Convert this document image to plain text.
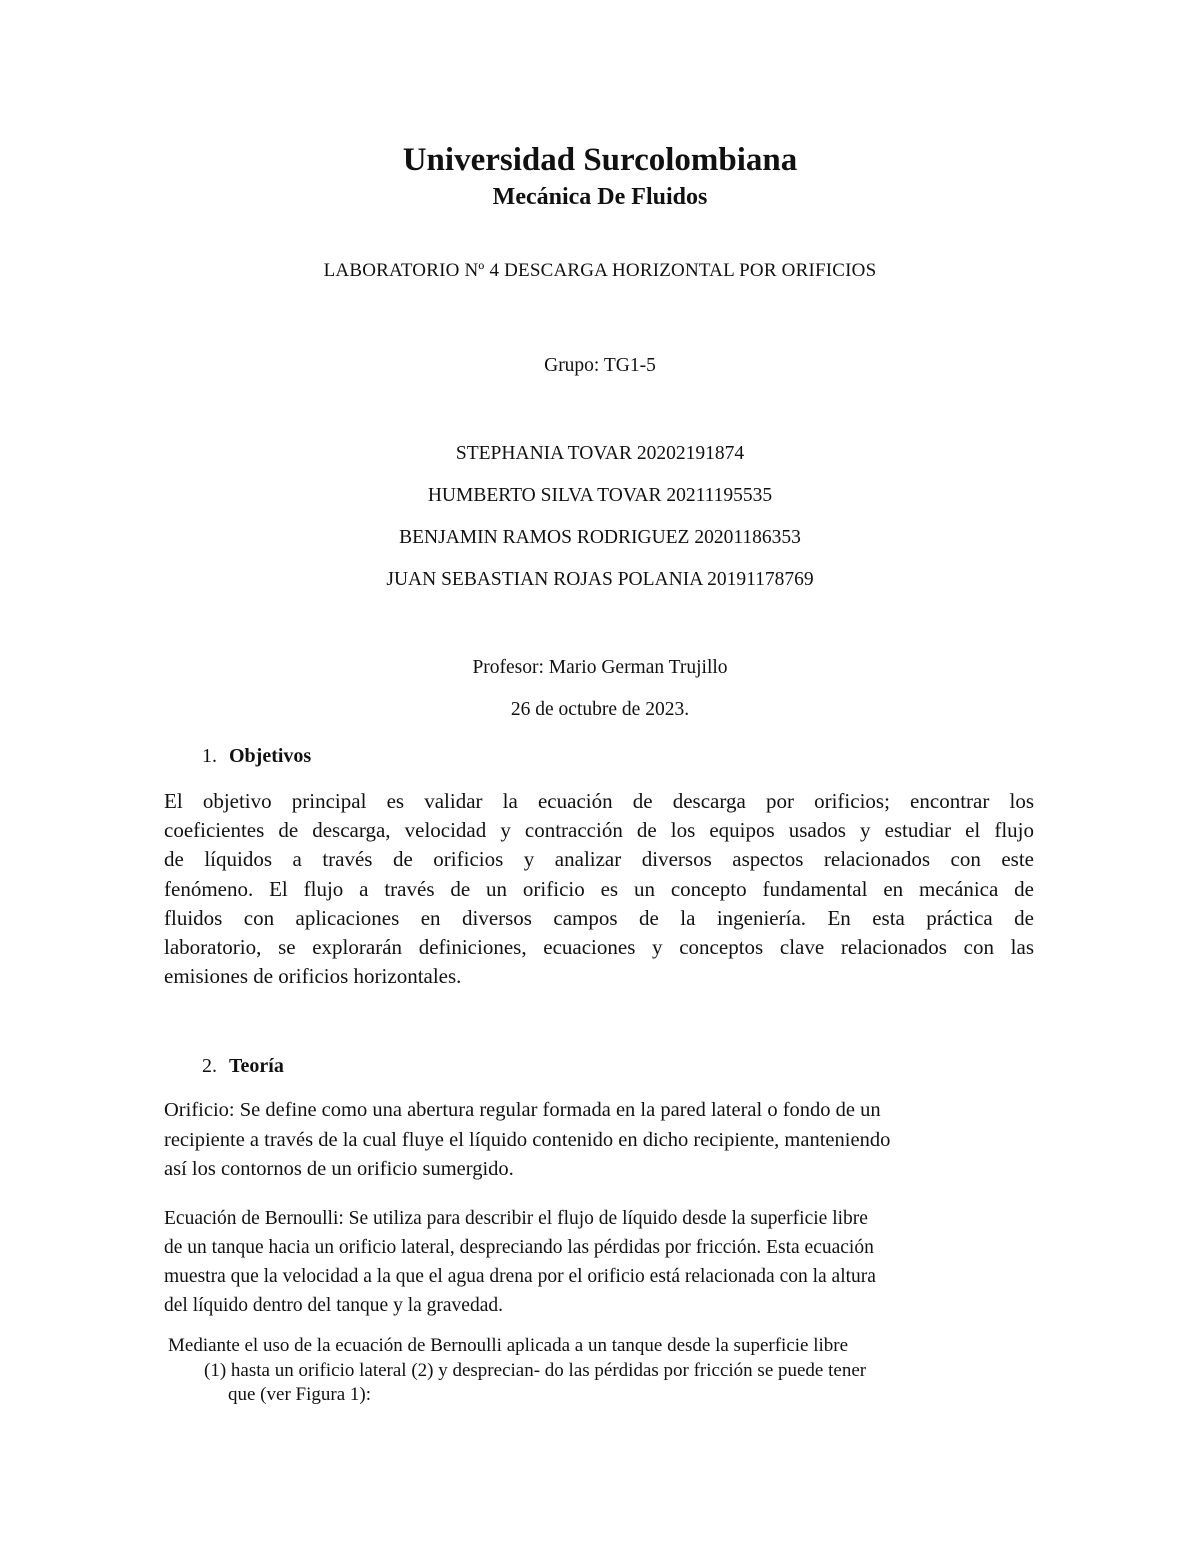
Universidad Surcolombiana
Mecánica De Fluidos
LABORATORIO Nº 4 DESCARGA HORIZONTAL POR ORIFICIOS
Grupo: TG1-5
STEPHANIA TOVAR 20202191874
HUMBERTO SILVA TOVAR 20211195535
BENJAMIN RAMOS RODRIGUEZ 20201186353
JUAN SEBASTIAN ROJAS POLANIA 20191178769
Profesor: Mario German Trujillo
26 de octubre de 2023.
1. Objetivos
El objetivo principal es validar la ecuación de descarga por orificios; encontrar los
coeficientes de descarga, velocidad y contracción de los equipos usados y estudiar el flujo
de líquidos a través de orificios y analizar diversos aspectos relacionados con este
fenómeno. El flujo a través de un orificio es un concepto fundamental en mecánica de
fluidos con aplicaciones en diversos campos de la ingeniería. En esta práctica de
laboratorio, se explorarán definiciones, ecuaciones y conceptos clave relacionados con las
emisiones de orificios horizontales.
2. Teoría
Orificio: Se define como una abertura regular formada en la pared lateral o fondo de un
recipiente a través de la cual fluye el líquido contenido en dicho recipiente, manteniendo
así los contornos de un orificio sumergido.
Ecuación de Bernoulli: Se utiliza para describir el flujo de líquido desde la superficie libre
de un tanque hacia un orificio lateral, despreciando las pérdidas por fricción. Esta ecuación
muestra que la velocidad a la que el agua drena por el orificio está relacionada con la altura
del líquido dentro del tanque y la gravedad.
Mediante el uso de la ecuación de Bernoulli aplicada a un tanque desde la superficie libre
(1) hasta un orificio lateral (2) y desprecian- do las pérdidas por fricción se puede tener
que (ver Figura 1):
